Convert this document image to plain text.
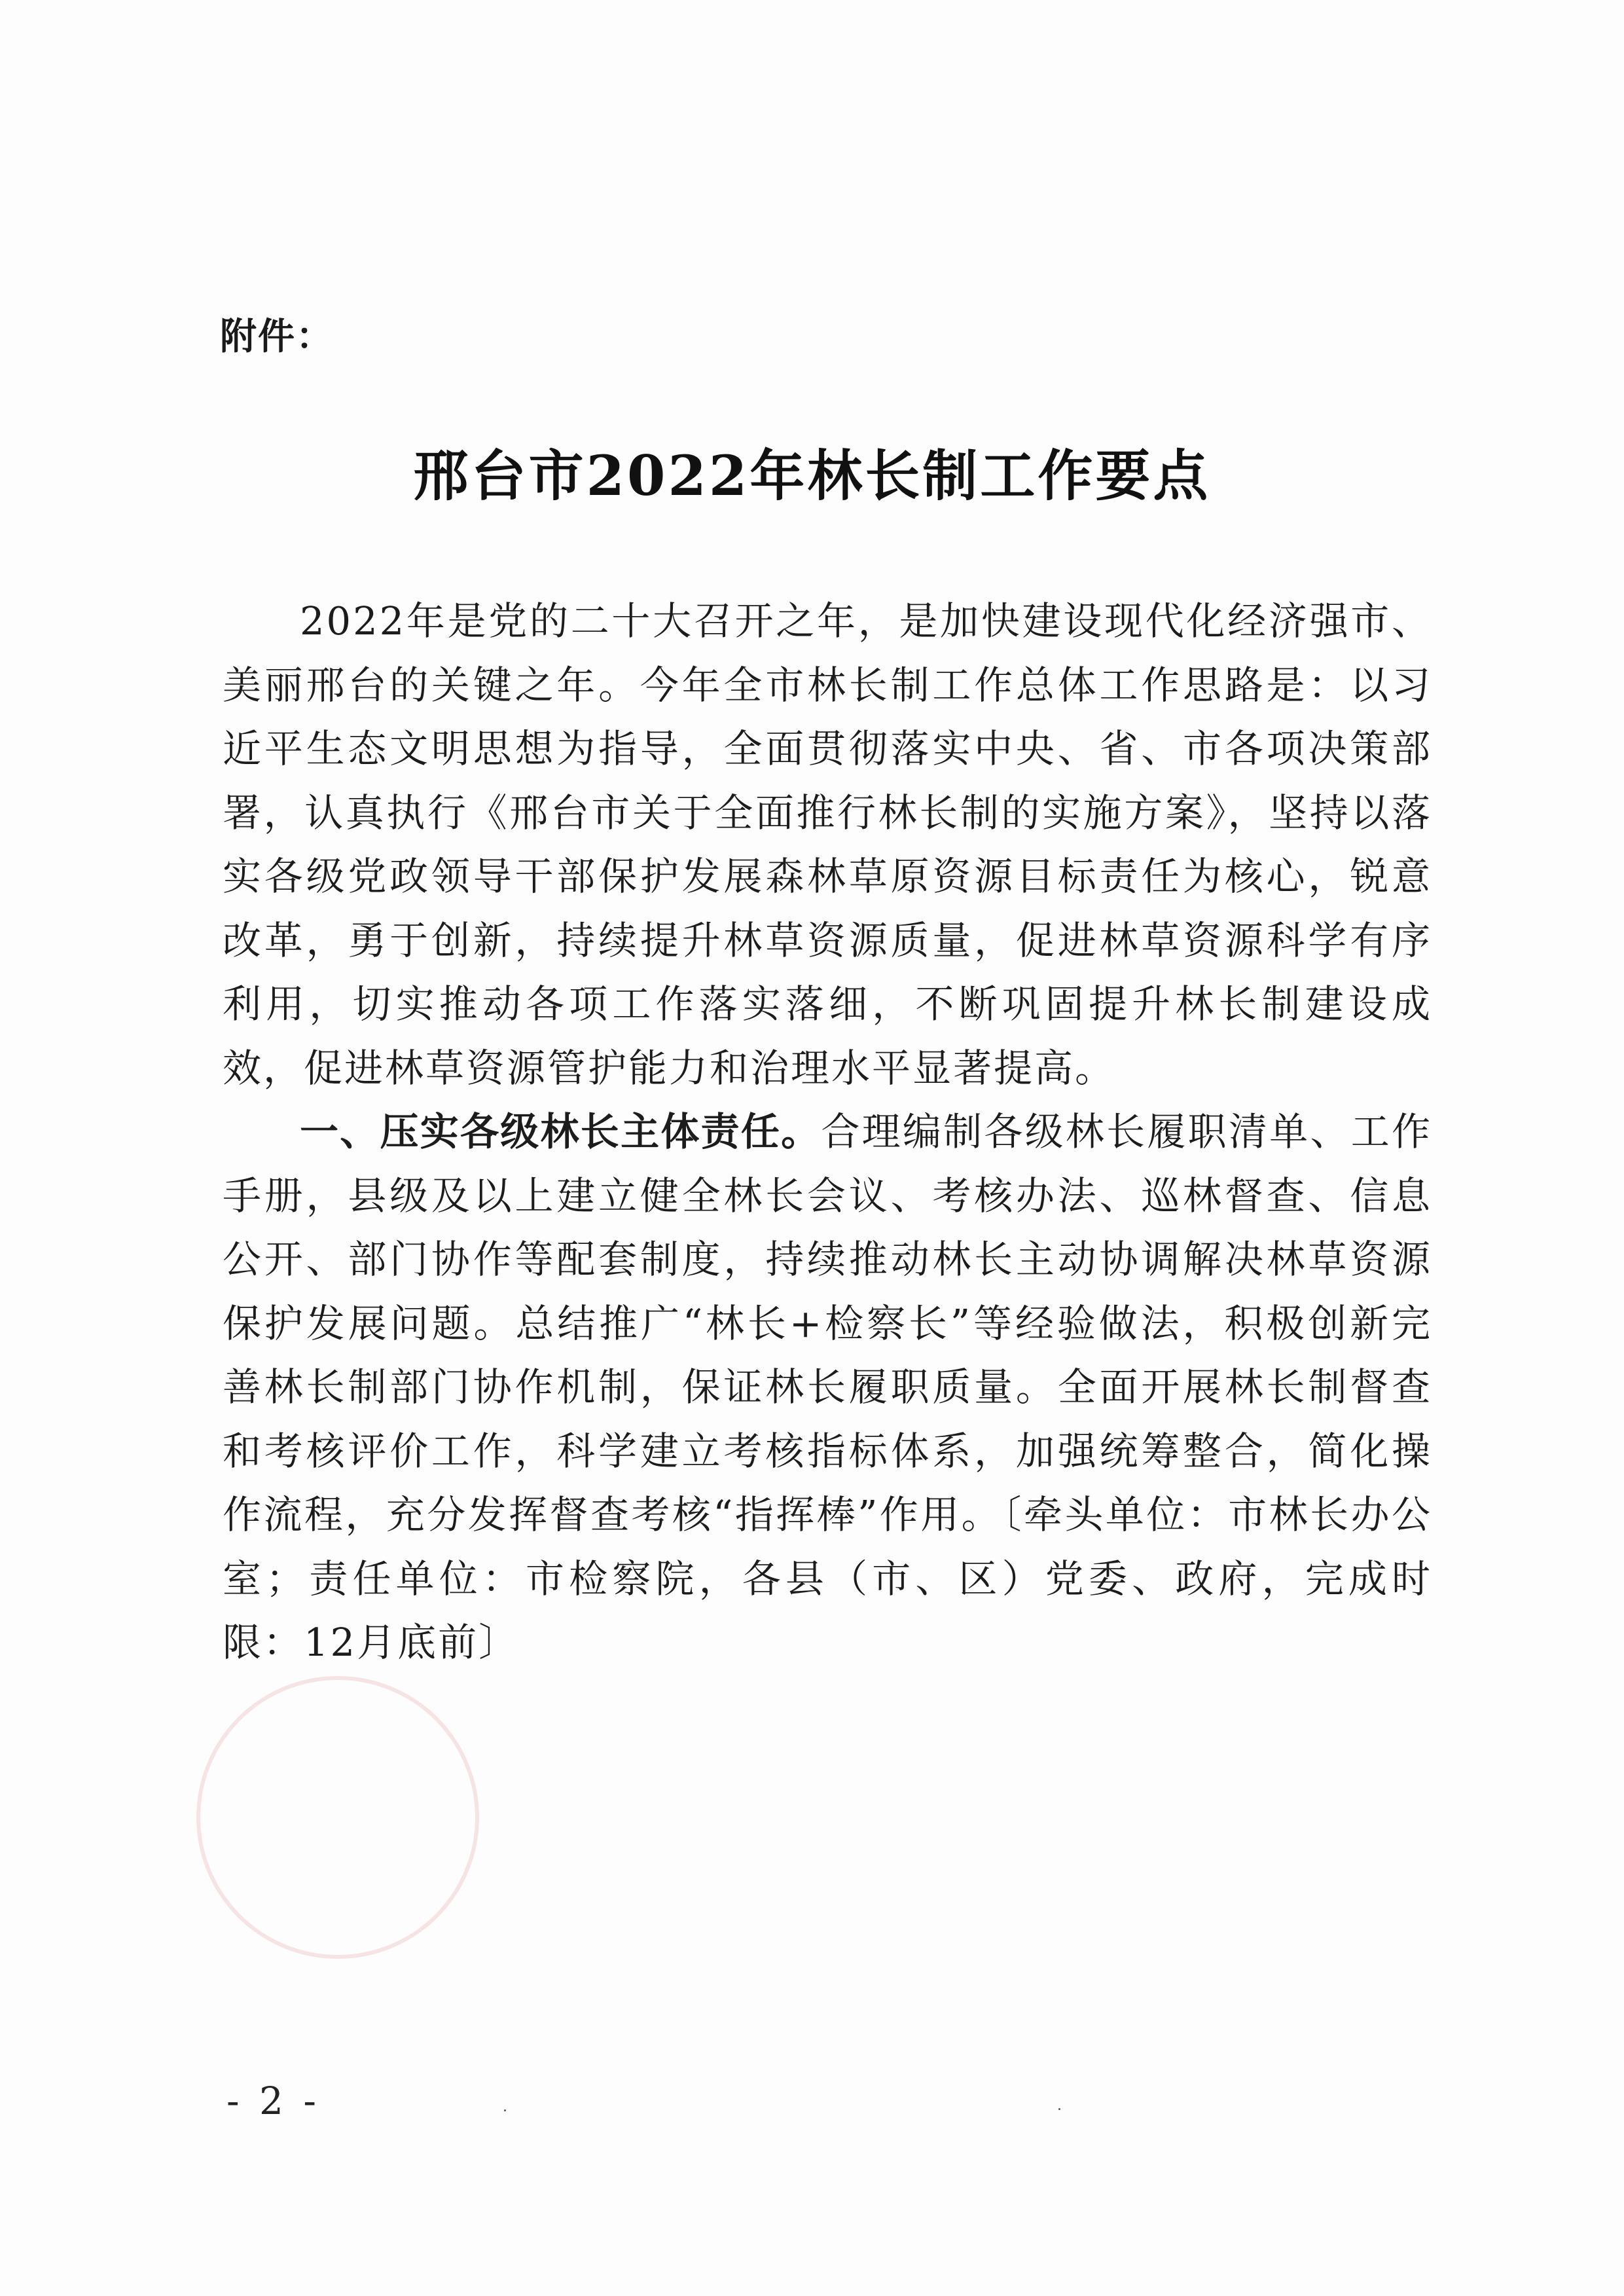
附件：
邢台市2022年林长制工作要点

2022年是党的二十大召开之年，是加快建设现代化经济强市、美丽邢台的关键之年。今年全市林长制工作总体工作思路是：以习近平生态文明思想为指导，全面贯彻落实中央、省、市各项决策部署，认真执行《邢台市关于全面推行林长制的实施方案》，坚持以落实各级党政领导干部保护发展森林草原资源目标责任为核心，锐意改革，勇于创新，持续提升林草资源质量，促进林草资源科学有序利用，切实推动各项工作落实落细，不断巩固提升林长制建设成效，促进林草资源管护能力和治理水平显著提高。

一、压实各级林长主体责任。合理编制各级林长履职清单、工作手册，县级及以上建立健全林长会议、考核办法、巡林督查、信息公开、部门协作等配套制度，持续推动林长主动协调解决林草资源保护发展问题。总结推广“林长+检察长”等经验做法，积极创新完善林长制部门协作机制，保证林长履职质量。全面开展林长制督查和考核评价工作，科学建立考核指标体系，加强统筹整合，简化操作流程，充分发挥督查考核“指挥棒”作用。〔牵头单位：市林长办公室；责任单位：市检察院，各县（市、区）党委、政府，完成时限：12月底前〕

- 2 -
